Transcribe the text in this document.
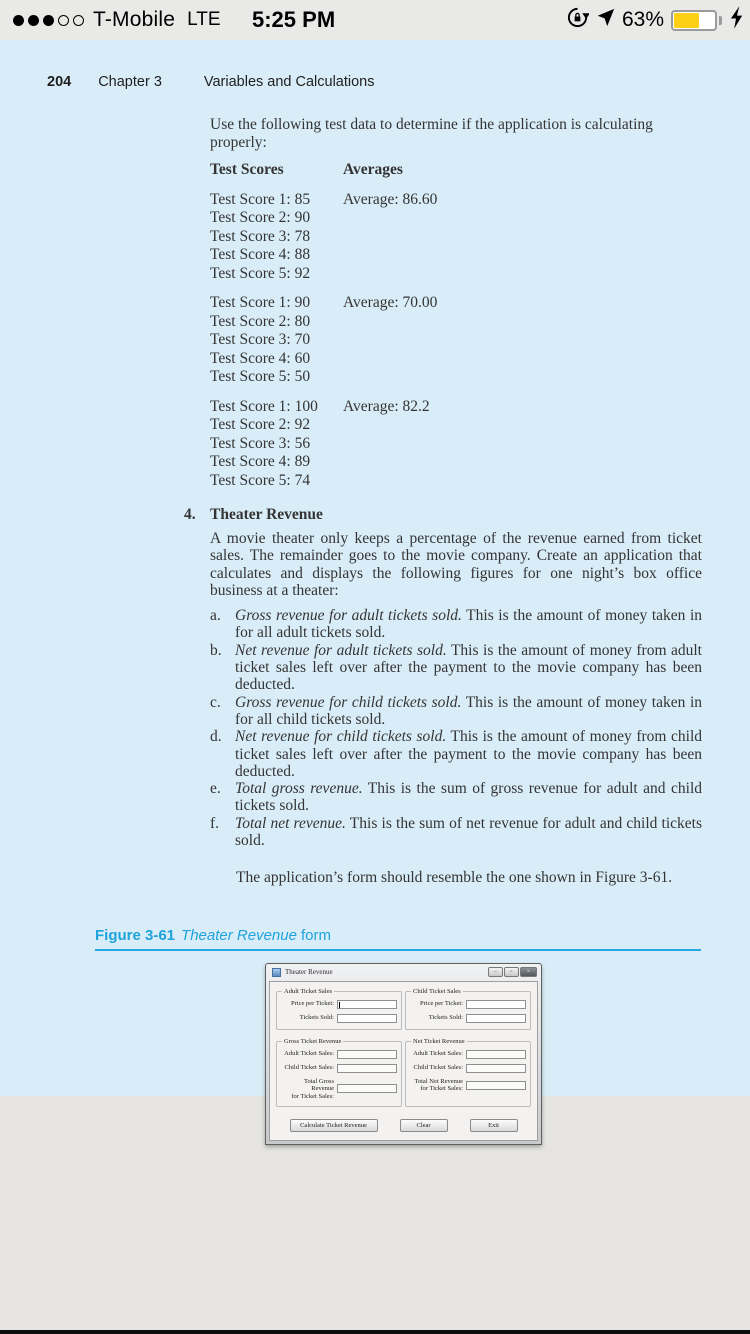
T-Mobile LTE 5:25 PM	63%
204 Chapter 3	Variables and Calculations
Use the following test data to determine if the application is calculating properly:
Test Scores	Averages
Test Score 1: 85	Average: 86.60
Test Score 2: 90
Test Score 3: 78
Test Score 4: 88
Test Score 5: 92
Test Score 1: 90	Average: 70.00
Test Score 2: 80
Test Score 3: 70
Test Score 4: 60
Test Score 5: 50
Test Score 1: 100	Average: 82.2
Test Score 2: 92
Test Score 3: 56
Test Score 4: 89
Test Score 5: 74
4. Theater Revenue
A movie theater only keeps a percentage of the revenue earned from ticket sales. The remainder goes to the movie company. Create an application that calculates and displays the following figures for one night’s box office business at a theater:
a. Gross revenue for adult tickets sold. This is the amount of money taken in for all adult tickets sold.
b. Net revenue for adult tickets sold. This is the amount of money from adult ticket sales left over after the payment to the movie company has been deducted.
c. Gross revenue for child tickets sold. This is the amount of money taken in for all child tickets sold.
d. Net revenue for child tickets sold. This is the amount of money from child ticket sales left over after the payment to the movie company has been deducted.
e. Total gross revenue. This is the sum of gross revenue for adult and child tickets sold.
f.	Total net revenue. This is the sum of net revenue for adult and child tickets sold.
The application’s form should resemble the one shown in Figure 3-61.
Figure 3-61 Theater Revenue form
Theater Revenue	–	▫	×
Adult Ticket Sales
Price per Ticket:
Tickets Sold:
Child Ticket Sales
Price per Ticket:
Tickets Sold:
Gross Ticket Revenue
Adult Ticket Sales:
Child Ticket Sales:
Total Gross Revenue
for Ticket Sales:
Net Ticket Revenue
Adult Ticket Sales:
Child Ticket Sales:
Total Net Revenue
for Ticket Sales:
Calculate Ticket Revenue	Clear	Exit
